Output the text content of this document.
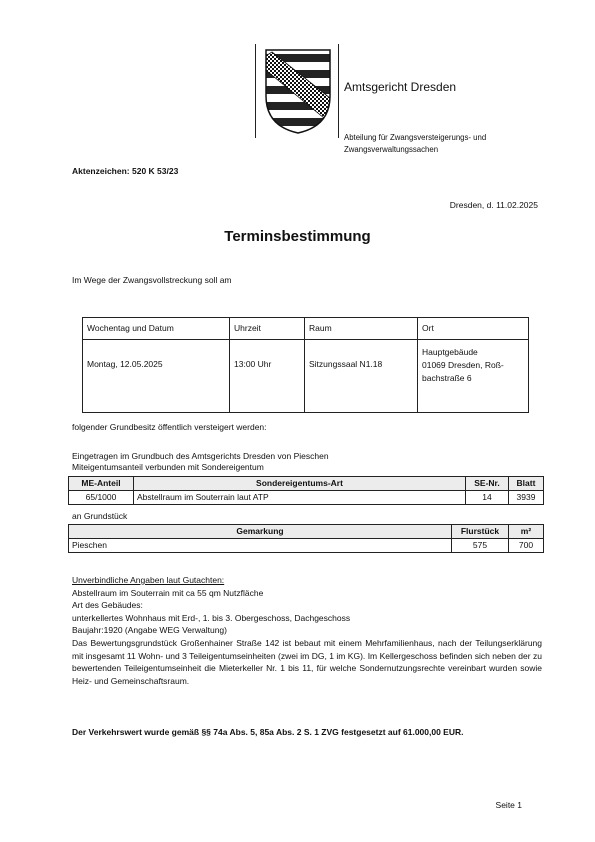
Amtsgericht Dresden
Abteilung für Zwangsversteigerungs- und
Zwangsverwaltungssachen
Aktenzeichen: 520 K 53/23
Dresden, d. 11.02.2025
Terminsbestimmung
Im Wege der Zwangsvollstreckung soll am
Wochentag und Datum	Uhrzeit	Raum	Ort
Montag, 12.05.2025	13:00 Uhr	Sitzungssaal N1.18	Hauptgebäude
01069 Dresden, Roß-
bachstraße 6
folgender Grundbesitz öffentlich versteigert werden:
Eingetragen im Grundbuch des Amtsgerichts Dresden von Pieschen
Miteigentumsanteil verbunden mit Sondereigentum
ME-Anteil	Sondereigentums-Art	SE-Nr.	Blatt
65/1000	Abstellraum im Souterrain laut ATP	14	3939
an Grundstück
Gemarkung	Flurstück	m²
Pieschen	575	700
Unverbindliche Angaben laut Gutachten:
Abstellraum im Souterrain mit ca 55 qm Nutzfläche
Art des Gebäudes:
unterkellertes Wohnhaus mit Erd-, 1. bis 3. Obergeschoss, Dachgeschoss
Baujahr:1920 (Angabe WEG Verwaltung)
Das Bewertungsgrundstück Großenhainer Straße 142 ist bebaut mit einem Mehrfamilienhaus, nach der Teilungserklärung mit insgesamt 11 Wohn- und 3 Teileigentumseinheiten (zwei im DG, 1 im KG). Im Kellergeschoss befinden sich neben der zu bewertenden Teileigentumseinheit die Mieterkeller Nr. 1 bis 11, für welche Sondernutzungsrechte vereinbart wurden sowie Heiz- und Gemeinschaftsraum.
Der Verkehrswert wurde gemäß §§ 74a Abs. 5, 85a Abs. 2 S. 1 ZVG festgesetzt auf 61.000,00 EUR.
Seite 1
